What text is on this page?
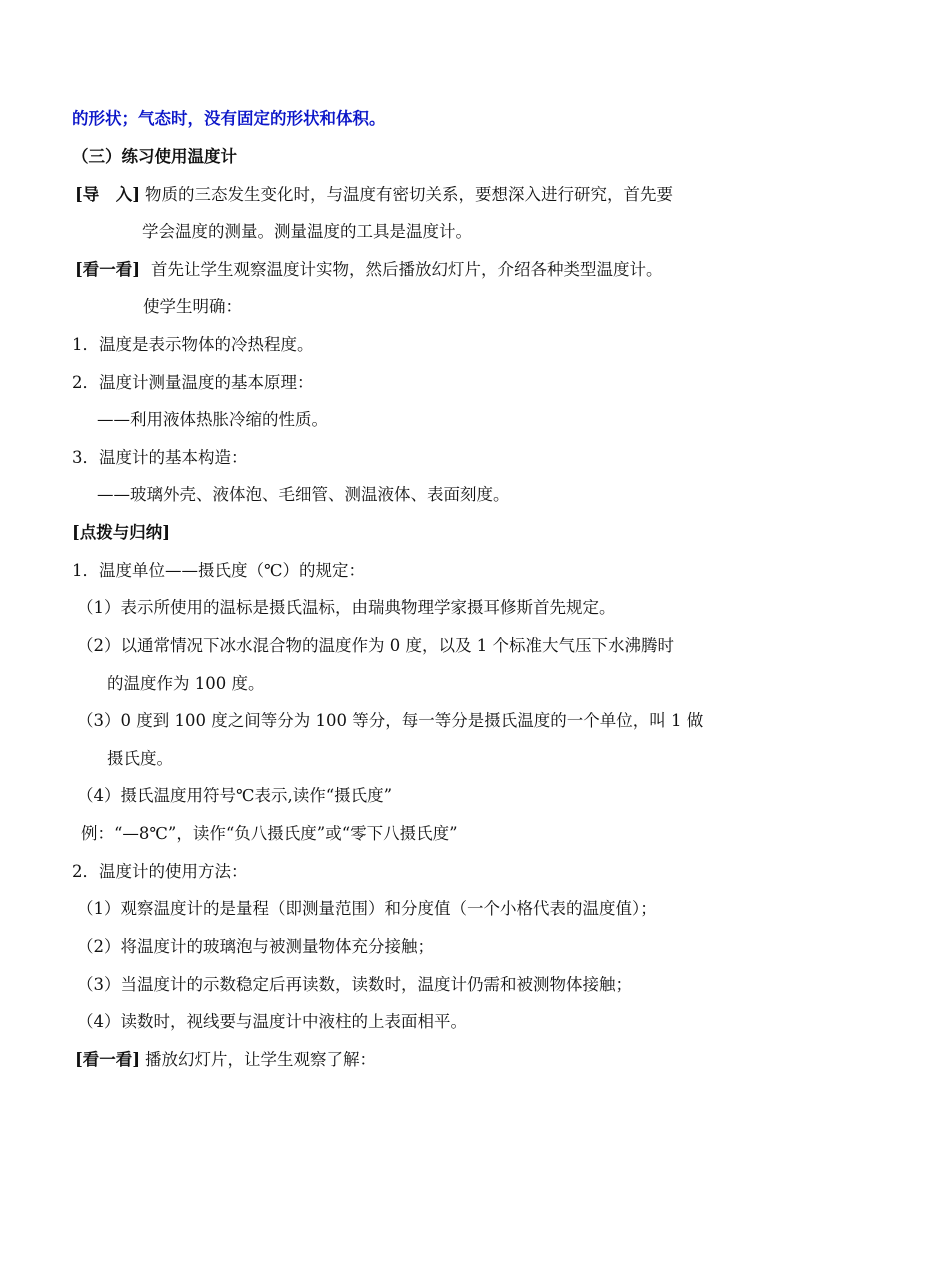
的形状；气态时，没有固定的形状和体积。
（三）练习使用温度计
[导　入] 物质的三态发生变化时，与温度有密切关系，要想深入进行研究，首先要
学会温度的测量。测量温度的工具是温度计。
[看一看] 首先让学生观察温度计实物，然后播放幻灯片，介绍各种类型温度计。
使学生明确：
1．温度是表示物体的冷热程度。
2．温度计测量温度的基本原理：
——利用液体热胀冷缩的性质。
3．温度计的基本构造：
——玻璃外壳、液体泡、毛细管、测温液体、表面刻度。
[点拨与归纳]
1．温度单位——摄氏度（℃）的规定：
（1）表示所使用的温标是摄氏温标，由瑞典物理学家摄耳修斯首先规定。
（2）以通常情况下冰水混合物的温度作为 0 度，以及 1 个标准大气压下水沸腾时
的温度作为 100 度。
（3）0 度到 100 度之间等分为 100 等分，每一等分是摄氏温度的一个单位，叫 1 做
摄氏度。
（4）摄氏温度用符号℃表示,读作“摄氏度”
例：“—8℃”，读作“负八摄氏度”或“零下八摄氏度”
2．温度计的使用方法：
（1）观察温度计的是量程（即测量范围）和分度值（一个小格代表的温度值）；
（2）将温度计的玻璃泡与被测量物体充分接触；
（3）当温度计的示数稳定后再读数，读数时，温度计仍需和被测物体接触；
（4）读数时，视线要与温度计中液柱的上表面相平。
[看一看] 播放幻灯片，让学生观察了解：
